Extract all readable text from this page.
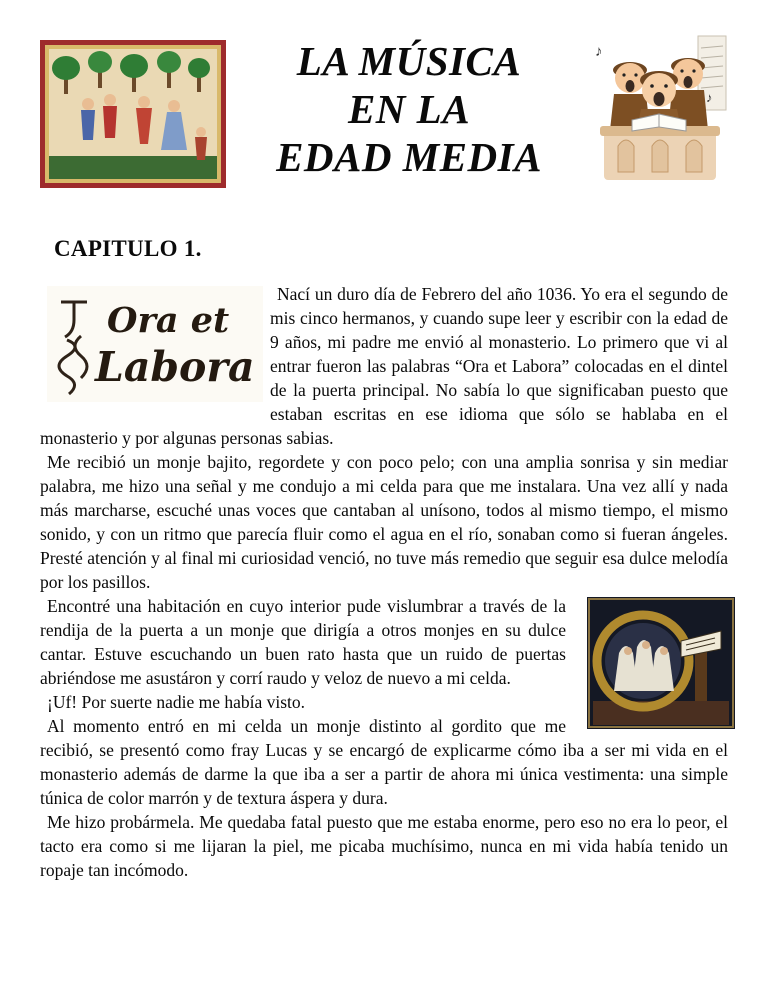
LA MÚSICA
EN LA
EDAD MEDIA
♪
♪
CAPITULO 1.

Ora et
Labora
Nací un duro día de Febrero del año 1036. Yo era el segundo de mis cinco hermanos, y cuando supe leer y escribir con la edad de 9 años, mi padre me envió al monasterio. Lo primero que vi al entrar fueron las palabras “Ora et Labora” colocadas en el dintel de la puerta principal. No sabía lo que significaban puesto que estaban escritas en ese idioma que sólo se hablaba en el monasterio y por algunas personas sabias.

Me recibió un monje bajito, regordete y con poco pelo; con una amplia sonrisa y sin mediar palabra, me hizo una señal y me condujo a mi celda para que me instalara. Una vez allí y nada más marcharse, escuché unas voces que cantaban al unísono, todos al mismo tiempo, el mismo sonido, y con un ritmo que parecía fluir como el agua en el río, sonaban como si fueran ángeles. Presté atención y al final mi curiosidad venció, no tuve más remedio que seguir esa dulce melodía por los pasillos.

Encontré una habitación en cuyo interior pude vislumbrar a través de la rendija de la puerta a un monje que dirigía a otros monjes en su dulce cantar. Estuve escuchando un buen rato hasta que un ruido de puertas abriéndose me asustáron y corrí raudo y veloz de nuevo a mi celda.

¡Uf! Por suerte nadie me había visto.

Al momento entró en mi celda un monje distinto al gordito que me recibió, se presentó como fray Lucas y se encargó de explicarme cómo iba a ser mi vida en el monasterio además de darme la que iba a ser a partir de ahora mi única vestimenta: una simple túnica de color marrón y de textura áspera y dura.

Me hizo probármela. Me quedaba fatal puesto que me estaba enorme, pero eso no era lo peor, el tacto era como si me lijaran la piel, me picaba muchísimo, nunca en mi vida había tenido un ropaje tan incómodo.
